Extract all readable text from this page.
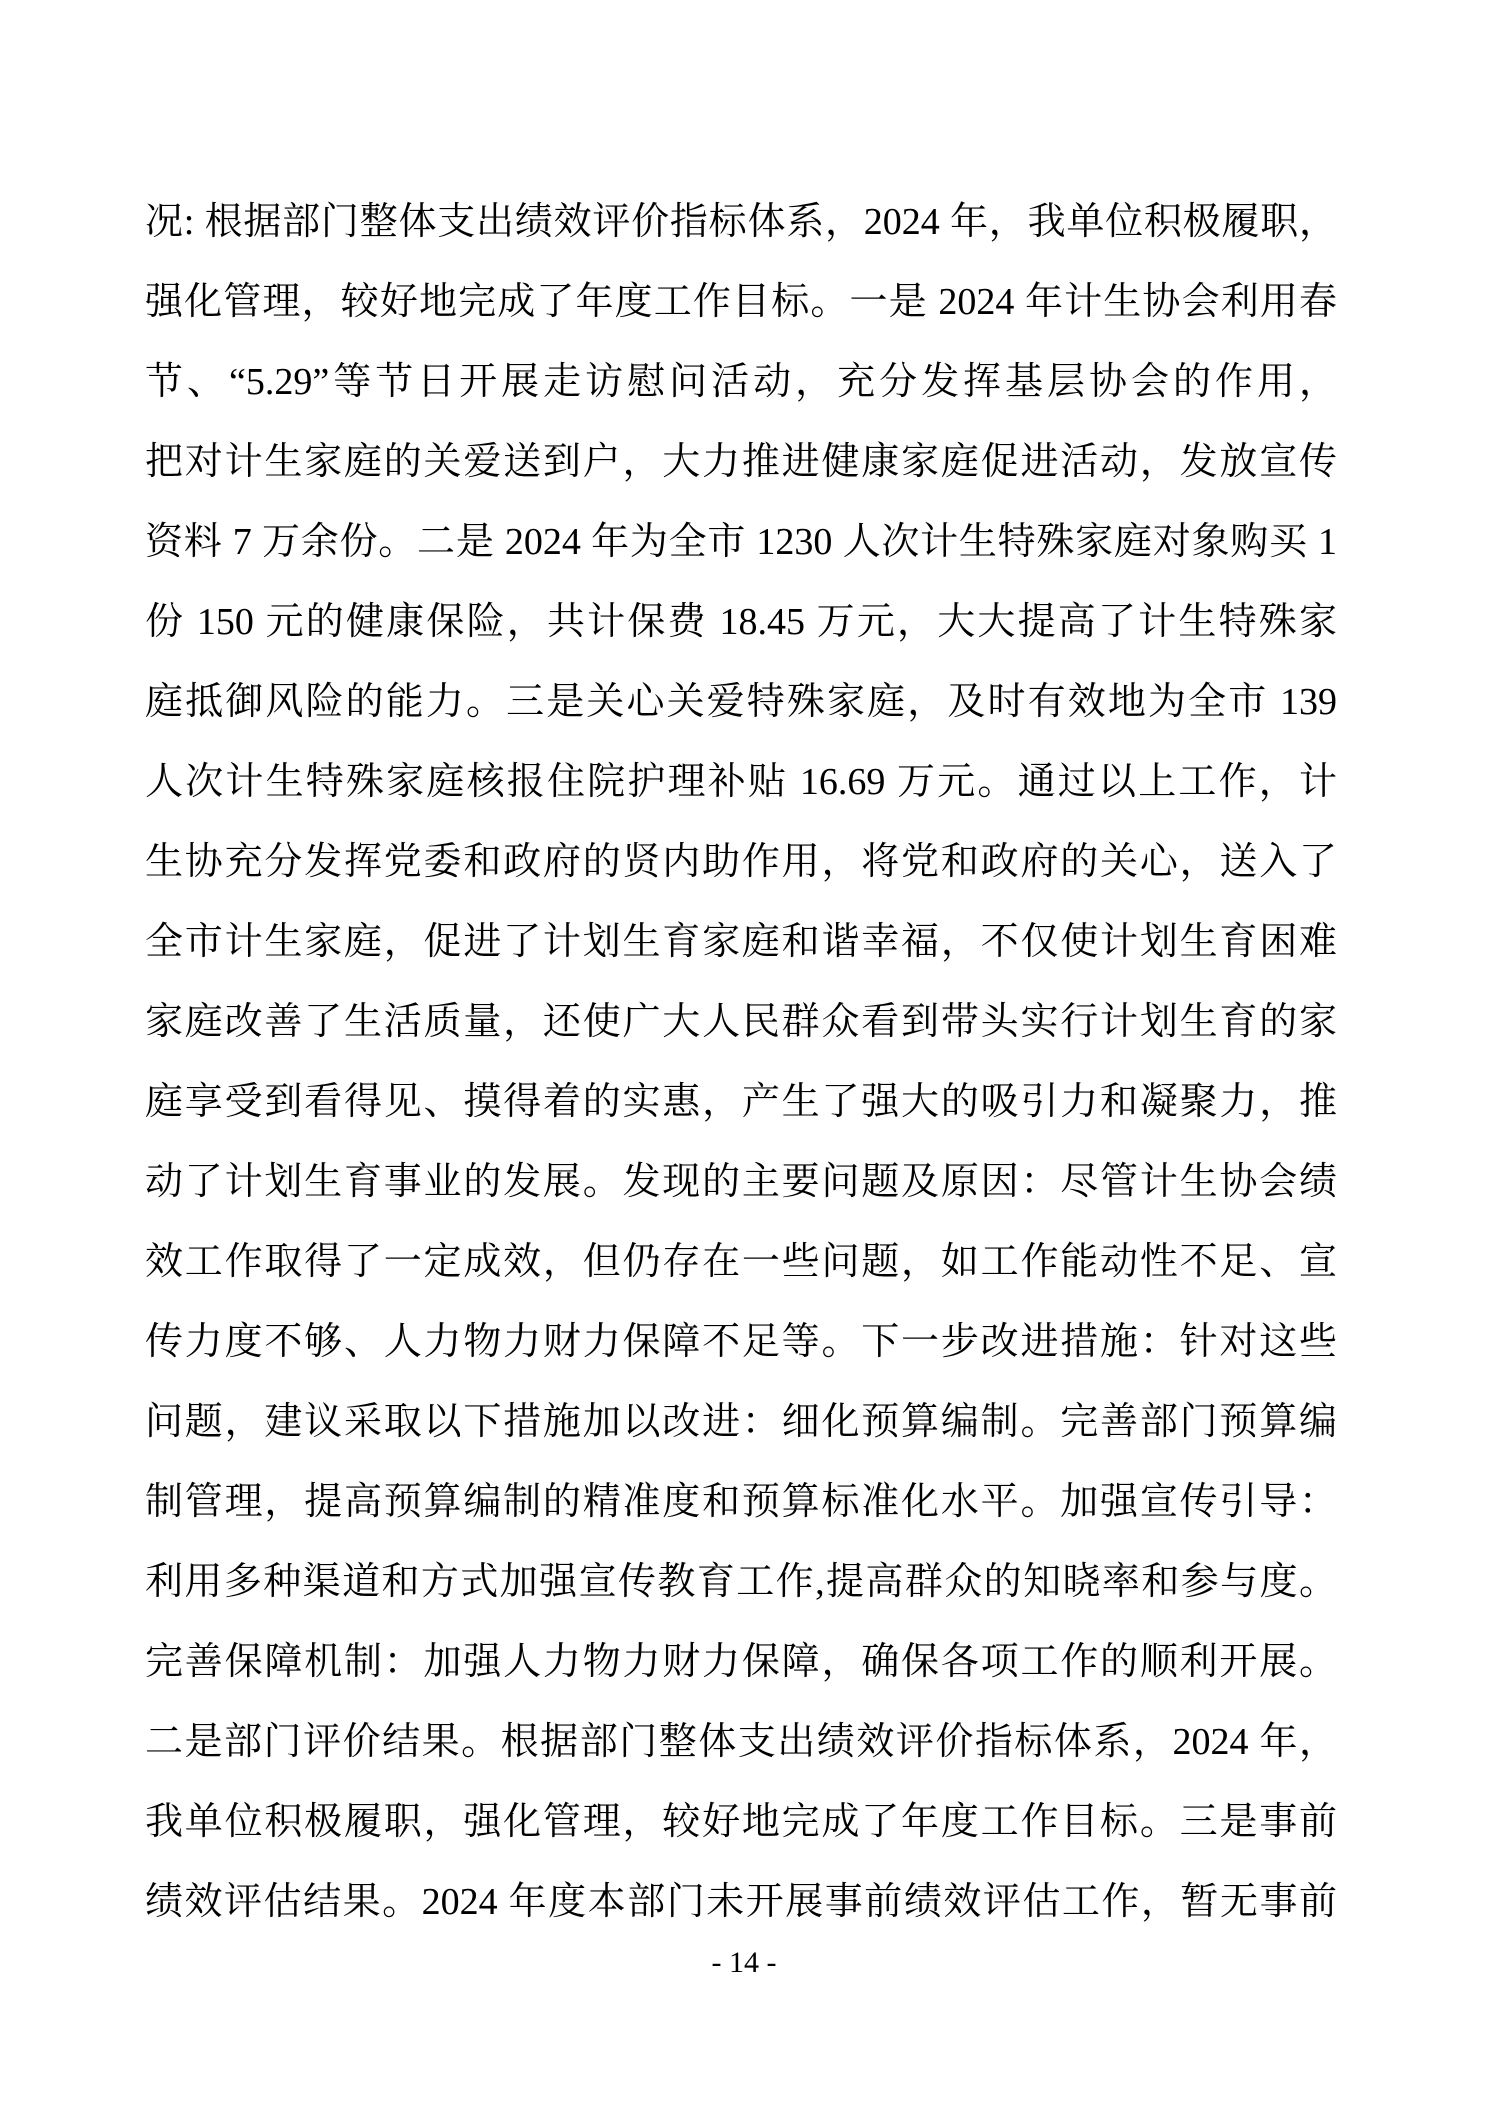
况: 根据部门整体支出绩效评价指标体系，2024 年，我单位积极履职，
强化管理，较好地完成了年度工作目标。一是 2024 年计生协会利用春
节、“5.29”等节日开展走访慰问活动，充分发挥基层协会的作用，
把对计生家庭的关爱送到户，大力推进健康家庭促进活动，发放宣传
资料 7 万余份。二是 2024 年为全市 1230 人次计生特殊家庭对象购买 1
份 150 元的健康保险，共计保费 18.45 万元，大大提高了计生特殊家
庭抵御风险的能力。三是关心关爱特殊家庭，及时有效地为全市 139
人次计生特殊家庭核报住院护理补贴 16.69 万元。通过以上工作，计
生协充分发挥党委和政府的贤内助作用，将党和政府的关心，送入了
全市计生家庭，促进了计划生育家庭和谐幸福，不仅使计划生育困难
家庭改善了生活质量，还使广大人民群众看到带头实行计划生育的家
庭享受到看得见、摸得着的实惠，产生了强大的吸引力和凝聚力，推
动了计划生育事业的发展。发现的主要问题及原因：尽管计生协会绩
效工作取得了一定成效，但仍存在一些问题，如工作能动性不足、宣
传力度不够、人力物力财力保障不足等。下一步改进措施：针对这些
问题，建议采取以下措施加以改进：细化预算编制。完善部门预算编
制管理，提高预算编制的精准度和预算标准化水平。加强宣传引导：
利用多种渠道和方式加强宣传教育工作,提高群众的知晓率和参与度。
完善保障机制：加强人力物力财力保障，确保各项工作的顺利开展。
二是部门评价结果。根据部门整体支出绩效评价指标体系，2024 年，
我单位积极履职，强化管理，较好地完成了年度工作目标。三是事前
绩效评估结果。2024 年度本部门未开展事前绩效评估工作，暂无事前
- 14 -
